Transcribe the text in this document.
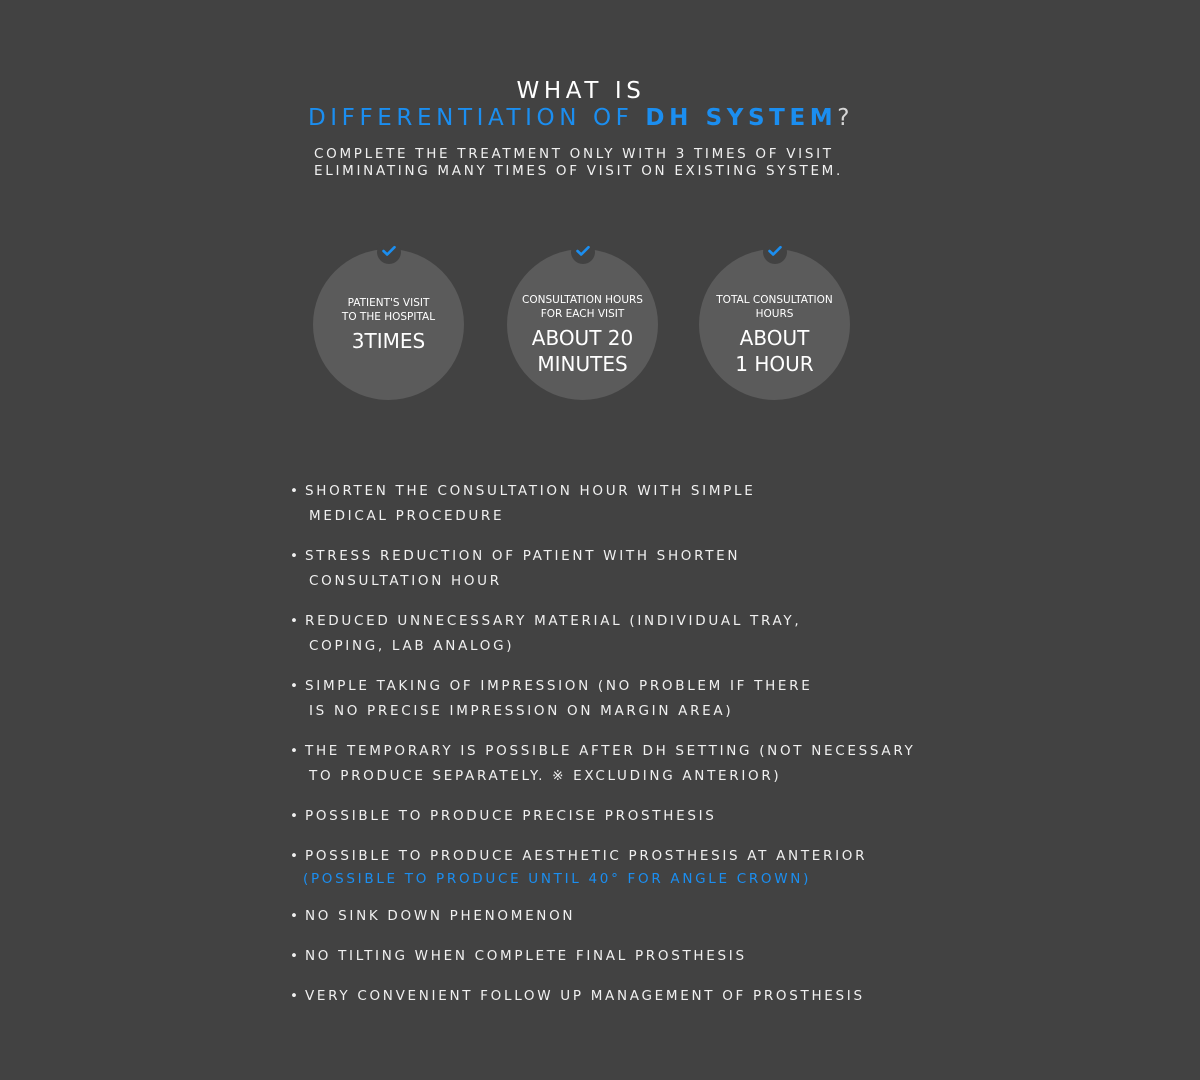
WHAT IS
DIFFERENTIATION OF DH SYSTEM?
COMPLETE THE TREATMENT ONLY WITH 3 TIMES OF VISIT
ELIMINATING MANY TIMES OF VISIT ON EXISTING SYSTEM.
PATIENT'S VISIT
TO THE HOSPITAL
3TIMES
CONSULTATION HOURS
FOR EACH VISIT
ABOUT 20
MINUTES
TOTAL CONSULTATION
HOURS
ABOUT
1 HOUR
• SHORTEN THE CONSULTATION HOUR WITH SIMPLE
MEDICAL PROCEDURE
• STRESS REDUCTION OF PATIENT WITH SHORTEN
CONSULTATION HOUR
• REDUCED UNNECESSARY MATERIAL (INDIVIDUAL TRAY,
COPING, LAB ANALOG)
• SIMPLE TAKING OF IMPRESSION (NO PROBLEM IF THERE
IS NO PRECISE IMPRESSION ON MARGIN AREA)
• THE TEMPORARY IS POSSIBLE AFTER DH SETTING (NOT NECESSARY
TO PRODUCE SEPARATELY. ※ EXCLUDING ANTERIOR)
• POSSIBLE TO PRODUCE PRECISE PROSTHESIS
• POSSIBLE TO PRODUCE AESTHETIC PROSTHESIS AT ANTERIOR
(POSSIBLE TO PRODUCE UNTIL 40° FOR ANGLE CROWN)
• NO SINK DOWN PHENOMENON
• NO TILTING WHEN COMPLETE FINAL PROSTHESIS
• VERY CONVENIENT FOLLOW UP MANAGEMENT OF PROSTHESIS
